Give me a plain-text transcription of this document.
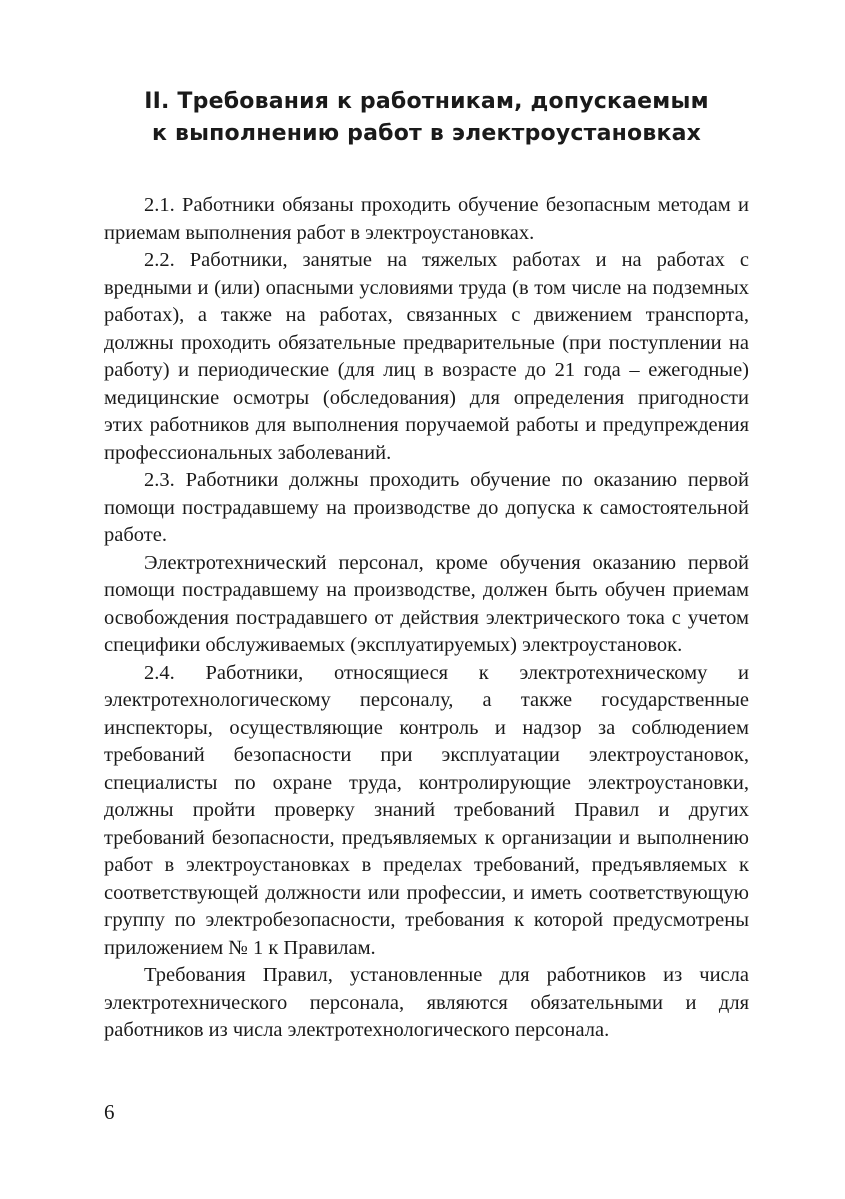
II. Требования к работникам, допускаемым
к выполнению работ в электроустановках

2.1. Работники обязаны проходить обучение безопасным методам и приемам выполнения работ в электроустановках.

2.2. Работники, занятые на тяжелых работах и на работах с вредными и (или) опасными условиями труда (в том числе на подземных работах), а также на работах, связанных с движением транспорта, должны проходить обязательные предварительные (при поступлении на работу) и периодические (для лиц в возрасте до 21 года – ежегодные) медицинские осмотры (обследования) для определения пригодности этих работников для выполнения поручаемой работы и предупреждения профессиональных заболеваний.

2.3. Работники должны проходить обучение по оказанию первой помощи пострадавшему на производстве до допуска к самостоятельной работе.

Электротехнический персонал, кроме обучения оказанию первой помощи пострадавшему на производстве, должен быть обучен приемам освобождения пострадавшего от действия электрического тока с учетом специфики обслуживаемых (эксплуатируемых) электроустановок.

2.4. Работники, относящиеся к электротехническому и электротехнологическому персоналу, а также государственные инспекторы, осуществляющие контроль и надзор за соблюдением требований безопасности при эксплуатации электроустановок, специалисты по охране труда, контролирующие электроустановки, должны пройти проверку знаний требований Правил и других требований безопасности, предъявляемых к организации и выполнению работ в электроустановках в пределах требований, предъявляемых к соответствующей должности или профессии, и иметь соответствующую группу по электробезопасности, требования к которой предусмотрены приложением № 1 к Правилам.

Требования Правил, установленные для работников из числа электротехнического персонала, являются обязательными и для работников из числа электротехнологического персонала.

6
